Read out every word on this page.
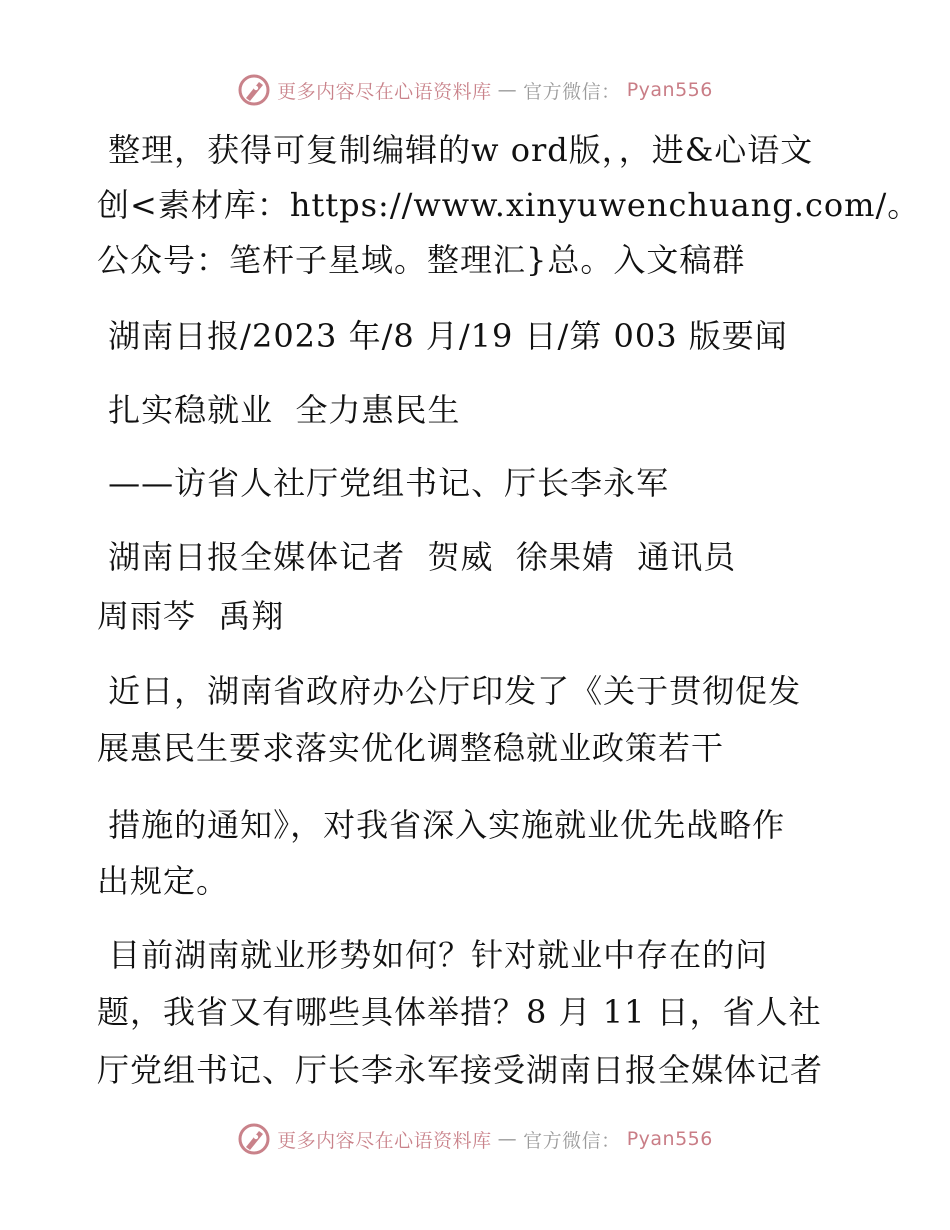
更多内容尽在心语资料库 — 官方微信： Pyan556
整理，获得可复制编辑的w ord版，，进&心语文
创<素材库：https://www.xinyuwenchuang.com/。
公众号：笔杆子星域。整理汇}总。入文稿群
湖南日报/2023 年/8 月/19 日/第 003 版要闻
扎实稳就业  全力惠民生
——访省人社厅党组书记、厅长李永军
湖南日报全媒体记者  贺威  徐果婧  通讯员
周雨芩  禹翔
近日，湖南省政府办公厅印发了《关于贯彻促发
展惠民生要求落实优化调整稳就业政策若干
措施的通知》，对我省深入实施就业优先战略作
出规定。
目前湖南就业形势如何？针对就业中存在的问
题，我省又有哪些具体举措？8 月 11 日，省人社
厅党组书记、厅长李永军接受湖南日报全媒体记者
更多内容尽在心语资料库 — 官方微信： Pyan556
